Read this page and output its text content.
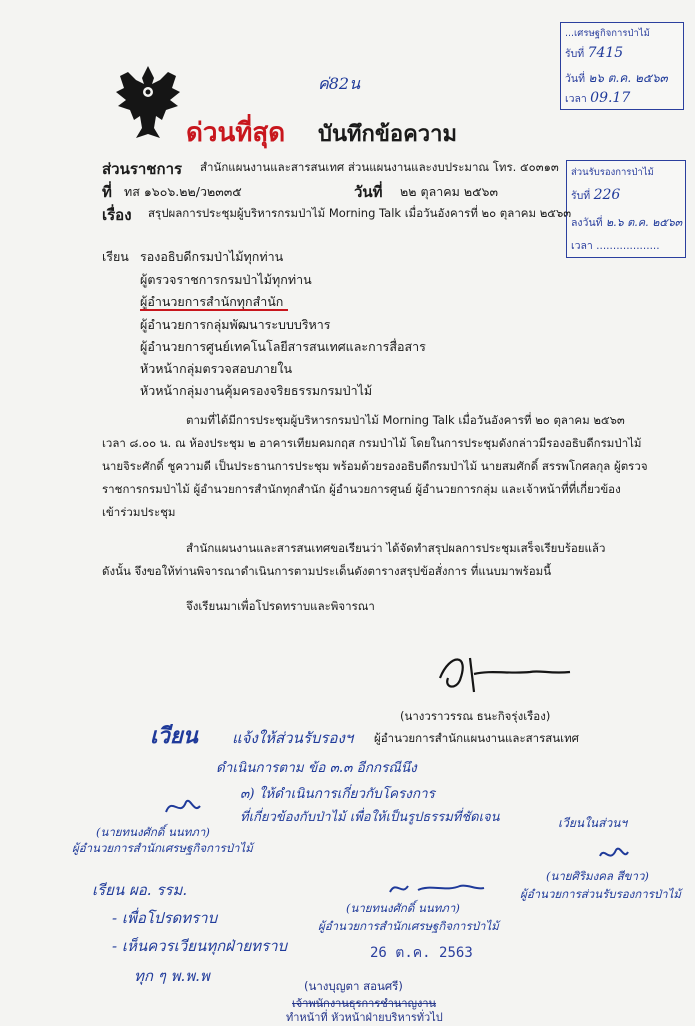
ค่82น
ด่วนที่สุด บันทึกข้อความ
...เศรษฐกิจการป่าไม้
รับที่ 7415
วันที่ ๒๖ ต.ค. ๒๕๖๓
เวลา 09.17
ส่วนรับรองการป่าไม้
รับที่ 226
ลงวันที่ ๒.๖ ต.ค. ๒๕๖๓
เวลา ...................
ส่วนราชการ สำนักแผนงานและสารสนเทศ ส่วนแผนงานและงบประมาณ โทร. ๕๐๓๑๓
ที่ ทส ๑๖๐๖.๒๒/ว๒๓๓๕	วันที่ ๒๒ ตุลาคม ๒๕๖๓
เรื่อง สรุปผลการประชุมผู้บริหารกรมป่าไม้ Morning Talk เมื่อวันอังคารที่ ๒๐ ตุลาคม ๒๕๖๓
เรียน รองอธิบดีกรมป่าไม้ทุกท่าน
ผู้ตรวจราชการกรมป่าไม้ทุกท่าน
ผู้อำนวยการสำนักทุกสำนัก
ผู้อำนวยการกลุ่มพัฒนาระบบบริหาร
ผู้อำนวยการศูนย์เทคโนโลยีสารสนเทศและการสื่อสาร
หัวหน้ากลุ่มตรวจสอบภายใน
หัวหน้ากลุ่มงานคุ้มครองจริยธรรมกรมป่าไม้
ตามที่ได้มีการประชุมผู้บริหารกรมป่าไม้ Morning Talk เมื่อวันอังคารที่ ๒๐ ตุลาคม ๒๕๖๓
เวลา ๘.๐๐ น. ณ ห้องประชุม ๒ อาคารเทียมคมกฤส กรมป่าไม้ โดยในการประชุมดังกล่าวมีรองอธิบดีกรมป่าไม้
นายจิระศักดิ์ ชูความดี เป็นประธานการประชุม พร้อมด้วยรองอธิบดีกรมป่าไม้ นายสมศักดิ์ สรรพโกศลกุล ผู้ตรวจ
ราชการกรมป่าไม้ ผู้อำนวยการสำนักทุกสำนัก ผู้อำนวยการศูนย์ ผู้อำนวยการกลุ่ม และเจ้าหน้าที่ที่เกี่ยวข้อง
เข้าร่วมประชุม
สำนักแผนงานและสารสนเทศขอเรียนว่า ได้จัดทำสรุปผลการประชุมเสร็จเรียบร้อยแล้ว
ดังนั้น จึงขอให้ท่านพิจารณาดำเนินการตามประเด็นดังตารางสรุปข้อสั่งการ ที่แนบมาพร้อมนี้
จึงเรียนมาเพื่อโปรดทราบและพิจารณา
(นางวราวรรณ ธนะกิจรุ่งเรือง)
ผู้อำนวยการสำนักแผนงานและสารสนเทศ
เวียน แจ้งให้ส่วนรับรองฯ
ดำเนินการตาม ข้อ ๓.๓ อีกกรณีนึง
๓) ให้ดำเนินการเกี่ยวกับโครงการ
ที่เกี่ยวข้องกับป่าไม้ เพื่อให้เป็นรูปธรรมที่ชัดเจน	เวียนในส่วนฯ
(นายทนงศักดิ์ นนทภา)
ผู้อำนวยการสำนักเศรษฐกิจการป่าไม้
(นายศิริมงคล สีขาว)
ผู้อำนวยการส่วนรับรองการป่าไม้
เรียน ผอ. รรม.
- เพื่อโปรดทราบ
- เห็นควรเวียนทุกฝ่ายทราบ
ทุก ๆ พ.พ.พ
(นายทนงศักดิ์ นนทภา)
ผู้อำนวยการสำนักเศรษฐกิจการป่าไม้
26 ต.ค. 2563
(นางบุญตา สอนศรี)
เจ้าพนักงานธุรการชำนาญงาน
ทำหน้าที่ หัวหน้าฝ่ายบริหารทั่วไป
